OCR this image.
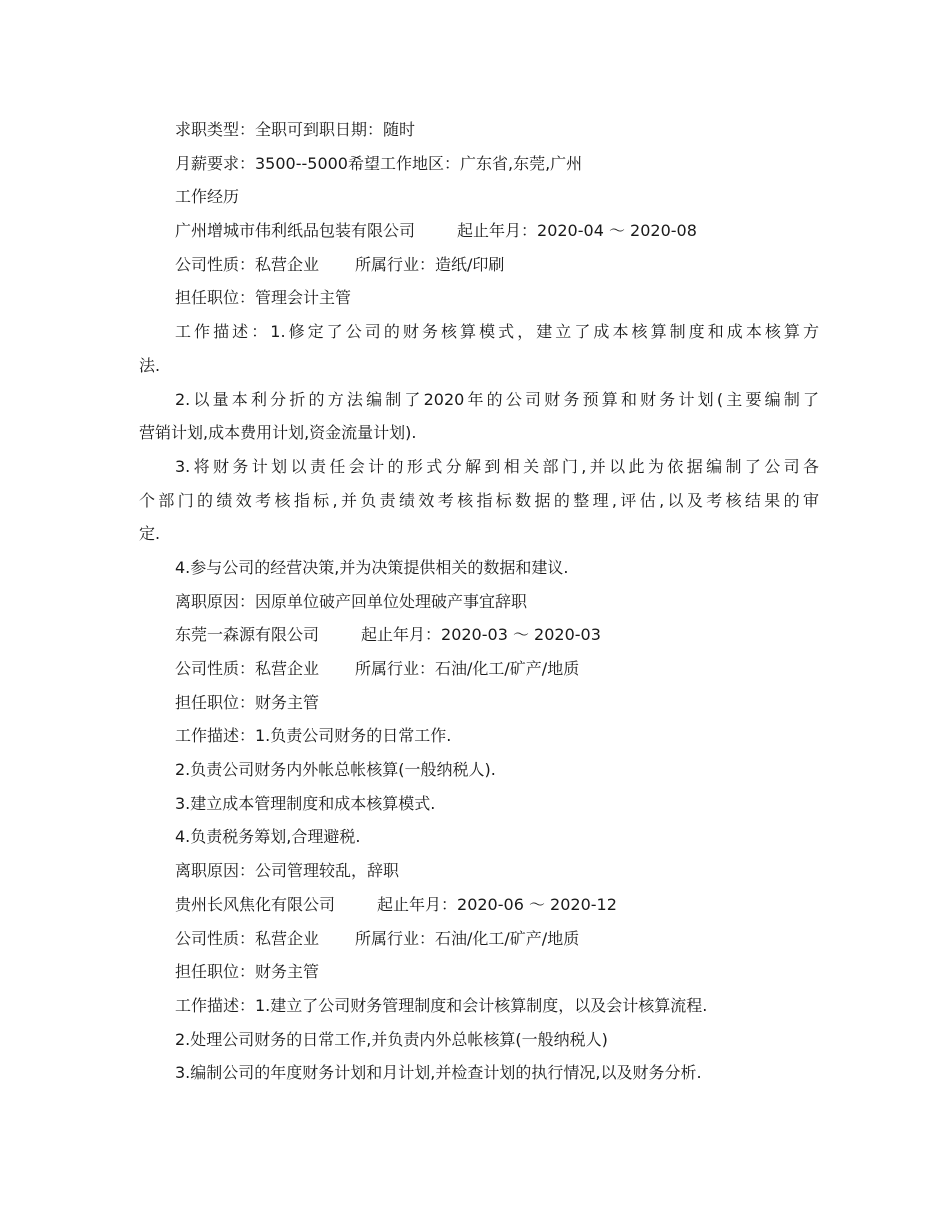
求职类型：全职可到职日期：随时
月薪要求：3500--5000希望工作地区：广东省,东莞,广州
工作经历
广州增城市伟利纸品包装有限公司	起止年月：2020-04 ～ 2020-08
公司性质：私营企业 所属行业：造纸/印刷
担任职位：管理会计主管
工作描述：1.修定了公司的财务核算模式，建立了成本核算制度和成本核算方
法.
2.以量本利分折的方法编制了2020年的公司财务预算和财务计划(主要编制了
营销计划,成本费用计划,资金流量计划).
3.将财务计划以责任会计的形式分解到相关部门,并以此为依据编制了公司各
个部门的绩效考核指标,并负责绩效考核指标数据的整理,评估,以及考核结果的审
定.
4.参与公司的经营决策,并为决策提供相关的数据和建议.
离职原因：因原单位破产回单位处理破产事宜辞职
东莞一森源有限公司	起止年月：2020-03 ～ 2020-03
公司性质：私营企业 所属行业：石油/化工/矿产/地质
担任职位：财务主管
工作描述：1.负责公司财务的日常工作.
2.负责公司财务内外帐总帐核算(一般纳税人).
3.建立成本管理制度和成本核算模式.
4.负责税务筹划,合理避税.
离职原因：公司管理较乱，辞职
贵州长风焦化有限公司	起止年月：2020-06 ～ 2020-12
公司性质：私营企业 所属行业：石油/化工/矿产/地质
担任职位：财务主管
工作描述：1.建立了公司财务管理制度和会计核算制度，以及会计核算流程.
2.处理公司财务的日常工作,并负责内外总帐核算(一般纳税人)
3.编制公司的年度财务计划和月计划,并检查计划的执行情况,以及财务分析.
